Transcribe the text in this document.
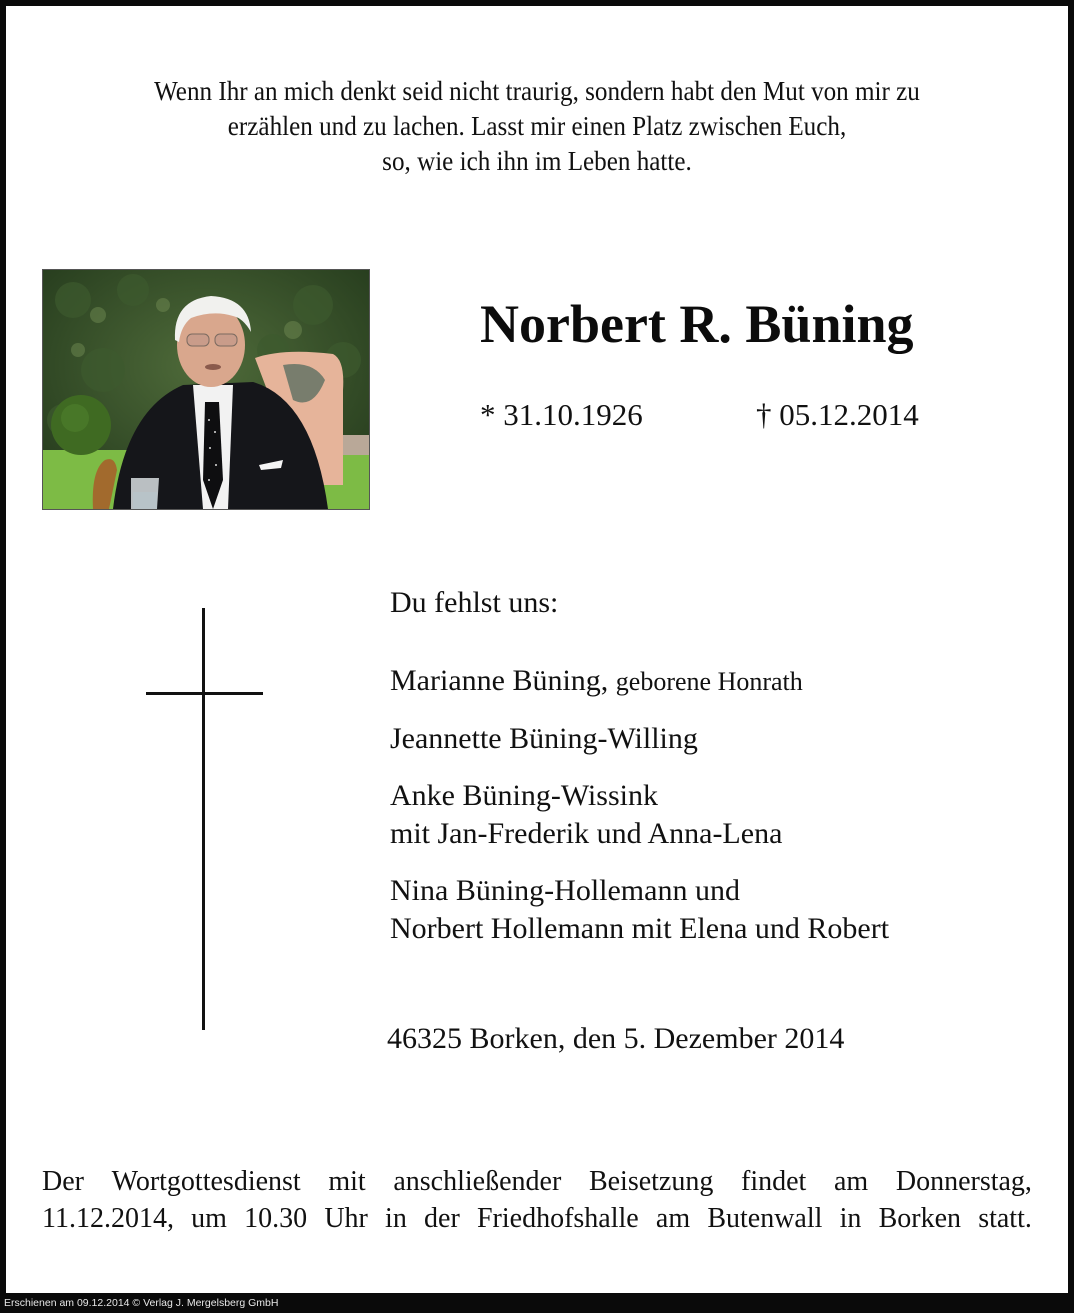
Wenn Ihr an mich denkt seid nicht traurig, sondern habt den Mut von mir zu
erzählen und zu lachen. Lasst mir einen Platz zwischen Euch,
so, wie ich ihn im Leben hatte.
Norbert R. Büning
* 31.10.1926	† 05.12.2014
Du fehlst uns:
Marianne Büning, geborene Honrath
Jeannette Büning-Willing
Anke Büning-Wissink
mit Jan-Frederik und Anna-Lena
Nina Büning-Hollemann und
Norbert Hollemann mit Elena und Robert
46325 Borken, den 5. Dezember 2014
Der Wortgottesdienst mit anschließender Beisetzung findet am Donnerstag,
11.12.2014, um 10.30 Uhr in der Friedhofshalle am Butenwall in Borken statt.
Erschienen am 09.12.2014 © Verlag J. Mergelsberg GmbH
